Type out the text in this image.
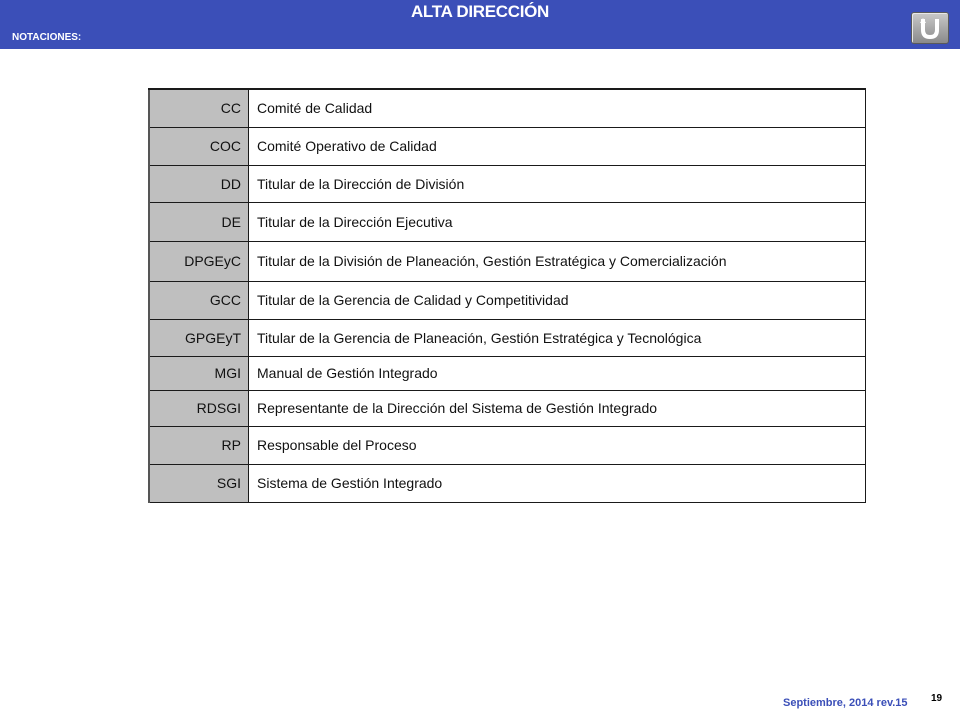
ALTA DIRECCIÓN
NOTACIONES:
CC	Comité de Calidad
COC	Comité Operativo de Calidad
DD	Titular de la Dirección de División
DE	Titular de la Dirección Ejecutiva
DPGEyC	Titular de la División de Planeación, Gestión Estratégica y Comercialización
GCC	Titular de la Gerencia de Calidad y Competitividad
GPGEyT	Titular de la Gerencia de Planeación, Gestión Estratégica y Tecnológica
MGI	Manual de Gestión Integrado
RDSGI	Representante de la Dirección del Sistema de Gestión Integrado
RP	Responsable del Proceso
SGI	Sistema de Gestión Integrado
Septiembre, 2014 rev.15 19
